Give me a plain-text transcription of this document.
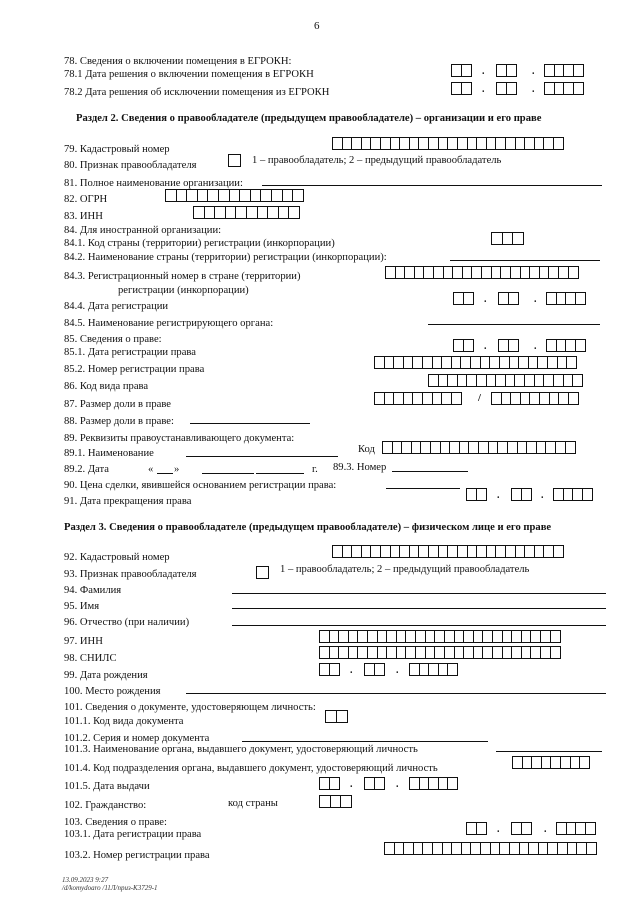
6
78. Сведения о включении помещения в ЕГРОКН:
78.1 Дата решения о включении помещения в ЕГРОКН
78.2 Дата решения об исключении помещения из ЕГРОКН
.	.
.	.
Раздел 2. Сведения о правообладателе (предыдущем правообладателе) – организации и его праве
79. Кадастровый номер
80. Признак правообладателя	1 – правообладатель; 2 – предыдущий правообладатель
81. Полное наименование организации:
82. ОГРН
83. ИНН
84. Для иностранной организации:
84.1. Код страны (территории) регистрации (инкорпорации)
84.2. Наименование страны (территории) регистрации (инкорпорации):
84.3. Регистрационный номер в стране (территории)
регистрации (инкорпорации)
84.4. Дата регистрации
.	.
84.5. Наименование регистрирующего органа:
85. Сведения о праве:
85.1. Дата регистрации права
.	.
85.2. Номер регистрации права
86. Код вида права
87. Размер доли в праве
/
88. Размер доли в праве:
89. Реквизиты правоустанавливающего документа:
89.1. Наименование	Код
89.2. Дата	« »	г. 89.3. Номер
90. Цена сделки, явившейся основанием регистрации права:
91. Дата прекращения права
.	.
Раздел 3. Сведения о правообладателе (предыдущем правообладателе) – физическом лице и его праве
92. Кадастровый номер
93. Признак правообладателя	1 – правообладатель; 2 – предыдущий правообладатель
94. Фамилия
95. Имя
96. Отчество (при наличии)
97. ИНН
98. СНИЛС
99. Дата рождения	.	.
100. Место рождения
101. Сведения о документе, удостоверяющем личность:
101.1. Код вида документа
101.2. Серия и номер документа
101.3. Наименование органа, выдавшего документ, удостоверяющий личность
101.4. Код подразделения органа, выдавшего документ, удостоверяющий личность
101.5. Дата выдачи	.	.
102. Гражданство:	код страны
103. Сведения о праве:
103.1. Дата регистрации права	.	.
103.2. Номер регистрации права
13.09.2023 9:27
/d/komydoaro /11Л/приз-К3729-1
